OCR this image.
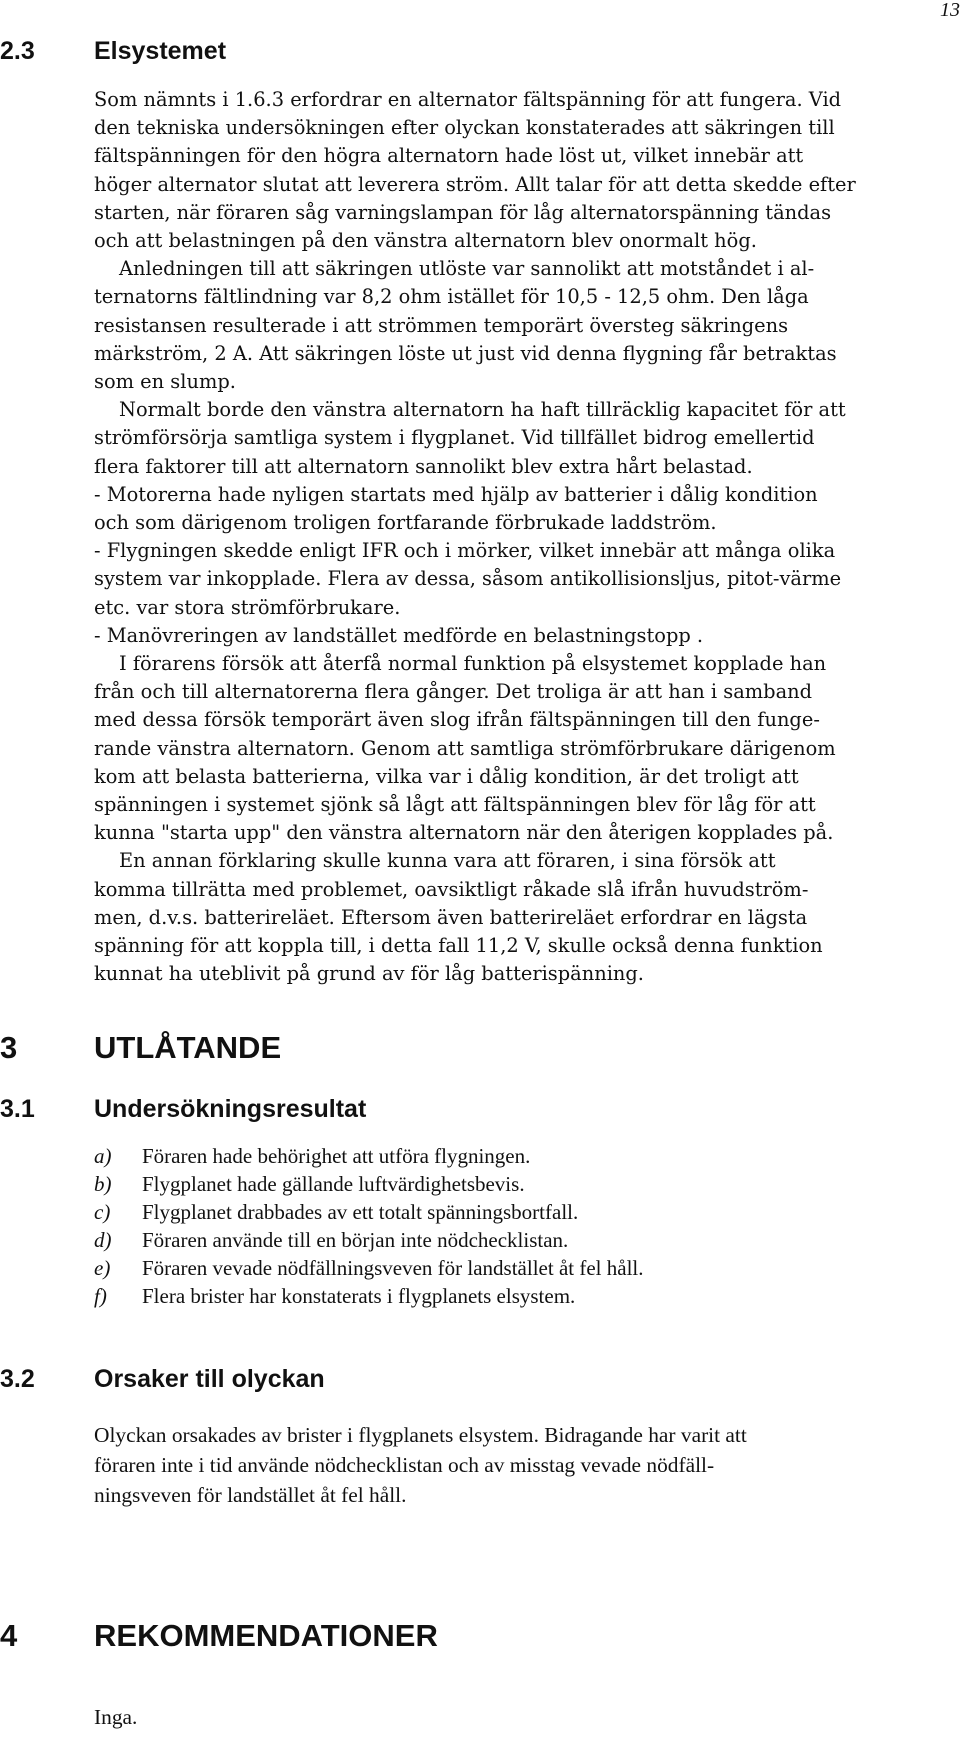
13
2.3 Elsystemet

Som nämnts i 1.6.3 erfordrar en alternator fältspänning för att fungera. Vid

den tekniska undersökningen efter olyckan konstaterades att säkringen till

fältspänningen för den högra alternatorn hade löst ut, vilket innebär att

höger alternator slutat att leverera ström. Allt talar för att detta skedde efter

starten, när föraren såg varningslampan för låg alternatorspänning tändas

och att belastningen på den vänstra alternatorn blev onormalt hög.

Anledningen till att säkringen utlöste var sannolikt att motståndet i al-

ternatorns fältlindning var 8,2 ohm istället för 10,5 - 12,5 ohm. Den låga

resistansen resulterade i att strömmen temporärt översteg säkringens

märkström, 2 A. Att säkringen löste ut just vid denna flygning får betraktas

som en slump.

Normalt borde den vänstra alternatorn ha haft tillräcklig kapacitet för att

strömförsörja samtliga system i flygplanet. Vid tillfället bidrog emellertid

flera faktorer till att alternatorn sannolikt blev extra hårt belastad.

- Motorerna hade nyligen startats med hjälp av batterier i dålig kondition

och som därigenom troligen fortfarande förbrukade laddström.

- Flygningen skedde enligt IFR och i mörker, vilket innebär att många olika

system var inkopplade. Flera av dessa, såsom antikollisionsljus, pitot-värme

etc. var stora strömförbrukare.

- Manövreringen av landstället medförde en belastningstopp .

I förarens försök att återfå normal funktion på elsystemet kopplade han

från och till alternatorerna flera gånger. Det troliga är att han i samband

med dessa försök temporärt även slog ifrån fältspänningen till den funge-

rande vänstra alternatorn. Genom att samtliga strömförbrukare därigenom

kom att belasta batterierna, vilka var i dålig kondition, är det troligt att

spänningen i systemet sjönk så lågt att fältspänningen blev för låg för att

kunna "starta upp" den vänstra alternatorn när den återigen kopplades på.

En annan förklaring skulle kunna vara att föraren, i sina försök att

komma tillrätta med problemet, oavsiktligt råkade slå ifrån huvudström-

men, d.v.s. batterireläet. Eftersom även batterireläet erfordrar en lägsta

spänning för att koppla till, i detta fall 11,2 V, skulle också denna funktion

kunnat ha uteblivit på grund av för låg batterispänning.

3 UTLÅTANDE
3.1 Undersökningsresultat
a)	Föraren hade behörighet att utföra flygningen.
b)	Flygplanet hade gällande luftvärdighetsbevis.
c)	Flygplanet drabbades av ett totalt spänningsbortfall.
d)	Föraren använde till en början inte nödchecklistan.
e)	Föraren vevade nödfällningsveven för landstället åt fel håll.
f)	Flera brister har konstaterats i flygplanets elsystem.
3.2 Orsaker till olyckan
Olyckan orsakades av brister i flygplanets elsystem. Bidragande har varit att
föraren inte i tid använde nödchecklistan och av misstag vevade nödfäll-
ningsveven för landstället åt fel håll.
4 REKOMMENDATIONER
Inga.
